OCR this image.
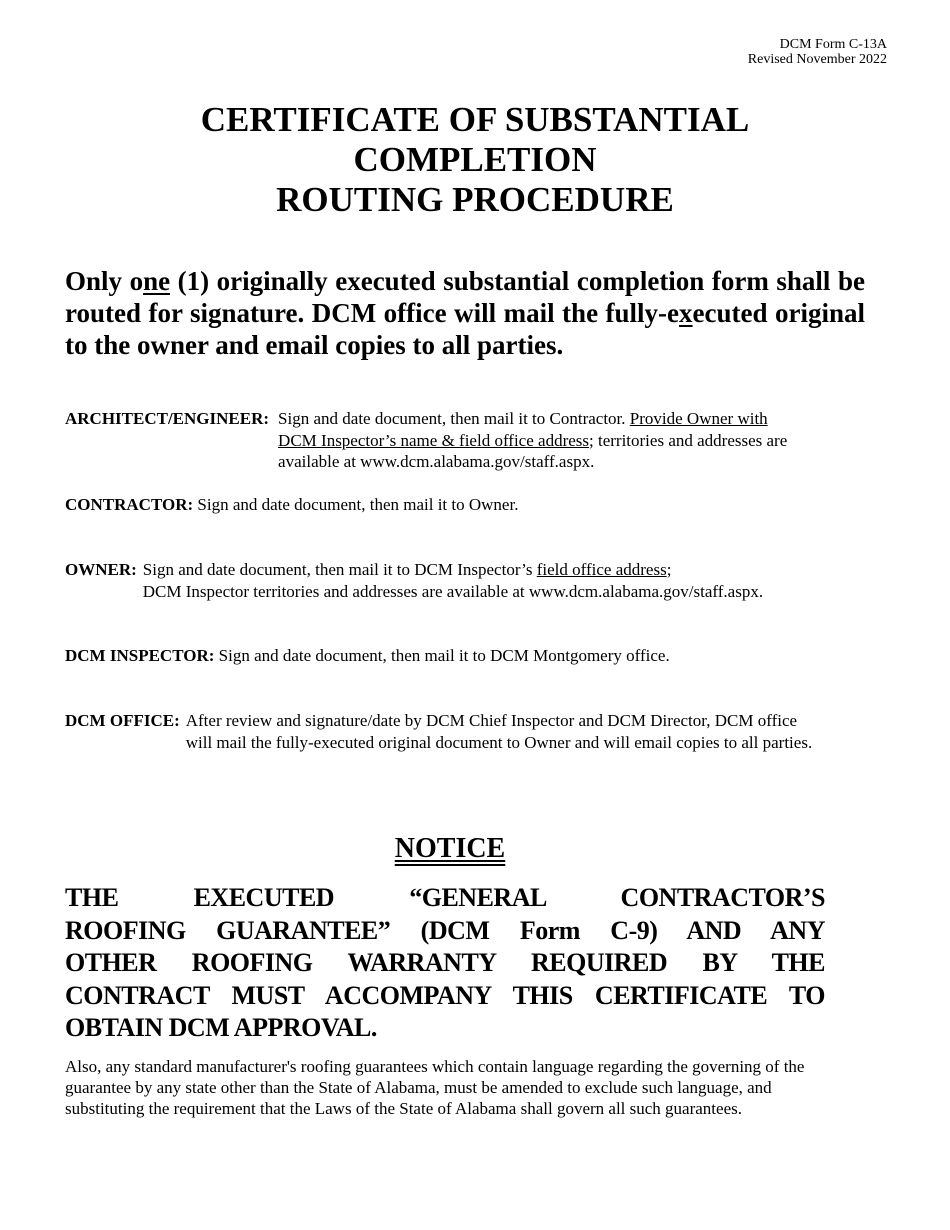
DCM Form C-13A
Revised November 2022
CERTIFICATE OF SUBSTANTIAL
COMPLETION
ROUTING PROCEDURE
Only one (1) originally executed substantial completion form shall be routed for signature. DCM office will mail the fully-executed original to the owner and email copies to all parties.
ARCHITECT/ENGINEER: Sign and date document, then mail it to Contractor. Provide Owner with DCM Inspector’s name & field office address; territories and addresses are available at www.dcm.alabama.gov/staff.aspx.
CONTRACTOR: Sign and date document, then mail it to Owner.
OWNER: Sign and date document, then mail it to DCM Inspector’s field office address;
DCM Inspector territories and addresses are available at www.dcm.alabama.gov/staff.aspx.
DCM INSPECTOR: Sign and date document, then mail it to DCM Montgomery office.
DCM OFFICE: After review and signature/date by DCM Chief Inspector and DCM Director, DCM office will mail the fully-executed original document to Owner and will email copies to all parties.
NOTICE
THE EXECUTED “GENERAL CONTRACTOR’S
ROOFING GUARANTEE” (DCM Form C-9) AND ANY
OTHER ROOFING WARRANTY REQUIRED BY THE
CONTRACT MUST ACCOMPANY THIS CERTIFICATE TO
OBTAIN DCM APPROVAL.
Also, any standard manufacturer's roofing guarantees which contain language regarding the governing of the guarantee by any state other than the State of Alabama, must be amended to exclude such language, and substituting the requirement that the Laws of the State of Alabama shall govern all such guarantees.
